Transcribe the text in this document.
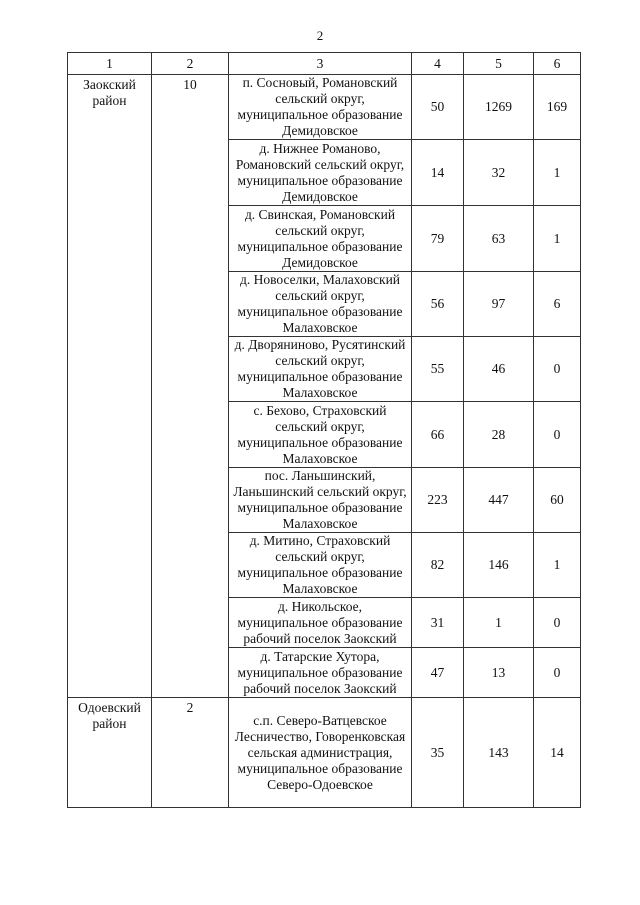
2
1	2	3	4	5	6
Заокский район	10	п. Сосновый, Романовский сельский округ, муниципальное образование Демидовское	50	1269	169
		д. Нижнее Романово, Романовский сельский округ, муниципальное образование Демидовское	14	32	1
		д. Свинская, Романовский сельский округ, муниципальное образование Демидовское	79	63	1
		д. Новоселки, Малаховский сельский округ, муниципальное образование Малаховское	56	97	6
		д. Дворяниново, Русятинский сельский округ, муниципальное образование Малаховское	55	46	0
		с. Бехово, Страховский сельский округ, муниципальное образование Малаховское	66	28	0
		пос. Ланьшинский, Ланьшинский сельский округ, муниципальное образование Малаховское	223	447	60
		д. Митино, Страховский сельский округ, муниципальное образование Малаховское	82	146	1
		д. Никольское, муниципальное образование рабочий поселок Заокский	31	1	0
		д. Татарские Хутора, муниципальное образование рабочий поселок Заокский	47	13	0
Одоевский район	2	с.п. Северо-Ватцевское Лесничество, Говоренковская сельская администрация, муниципальное образование Северо-Одоевское	35	143	14
